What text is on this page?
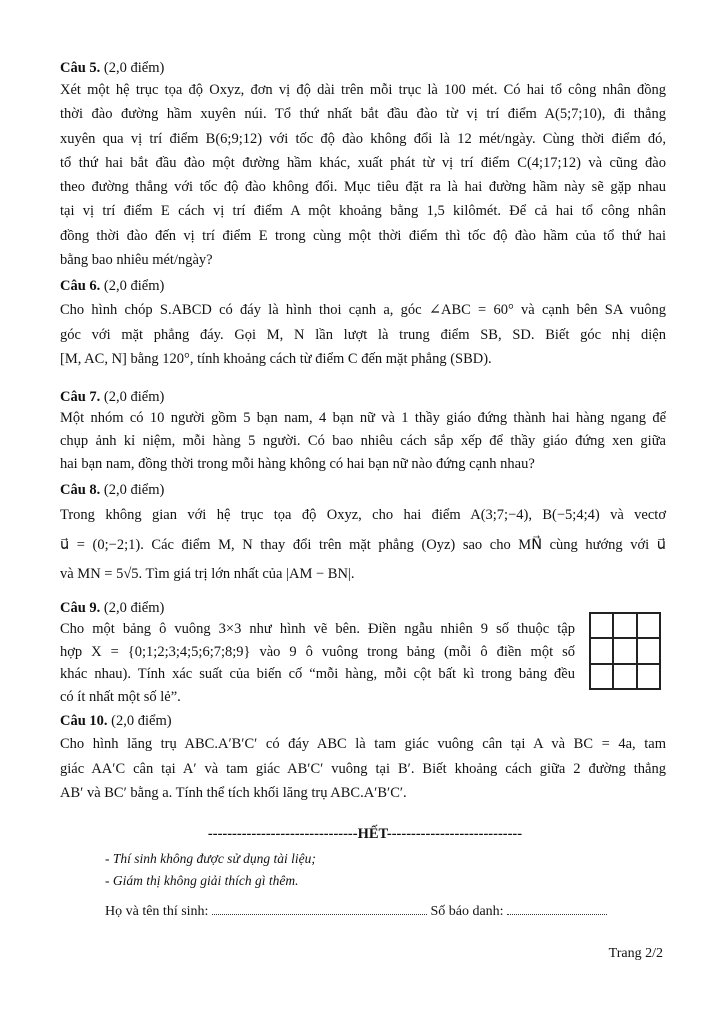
Câu 5. (2,0 điểm)

Xét một hệ trục tọa độ Oxyz, đơn vị độ dài trên mỗi trục là 100 mét. Có hai tổ công nhân đồng
thời đào đường hầm xuyên núi. Tổ thứ nhất bắt đầu đào từ vị trí điểm A(5;7;10), đi thẳng
xuyên qua vị trí điểm B(6;9;12) với tốc độ đào không đổi là 12 mét/ngày. Cùng thời điểm đó,
tổ thứ hai bắt đầu đào một đường hầm khác, xuất phát từ vị trí điểm C(4;17;12) và cũng đào
theo đường thẳng với tốc độ đào không đổi. Mục tiêu đặt ra là hai đường hầm này sẽ gặp nhau
tại vị trí điểm E cách vị trí điểm A một khoảng bằng 1,5 kilômét. Để cả hai tổ công nhân
đồng thời đào đến vị trí điểm E trong cùng một thời điểm thì tốc độ đào hầm của tổ thứ hai
bằng bao nhiêu mét/ngày?

Câu 6. (2,0 điểm)

Cho hình chóp S.ABCD có đáy là hình thoi cạnh a, góc ∠ABC = 60° và cạnh bên SA vuông
góc với mặt phẳng đáy. Gọi M, N lần lượt là trung điểm SB, SD. Biết góc nhị diện
[M, AC, N] bằng 120°, tính khoảng cách từ điểm C đến mặt phẳng (SBD).

Câu 7. (2,0 điểm)

Một nhóm có 10 người gồm 5 bạn nam, 4 bạn nữ và 1 thầy giáo đứng thành hai hàng ngang để
chụp ảnh kỉ niệm, mỗi hàng 5 người. Có bao nhiêu cách sắp xếp để thầy giáo đứng xen giữa
hai bạn nam, đồng thời trong mỗi hàng không có hai bạn nữ nào đứng cạnh nhau?

Câu 8. (2,0 điểm)

Trong không gian với hệ trục tọa độ Oxyz, cho hai điểm A(3;7;−4), B(−5;4;4) và vectơ
u⃗ = (0;−2;1). Các điểm M, N thay đổi trên mặt phẳng (Oyz) sao cho MN⃗ cùng hướng với u⃗
và MN = 5√5. Tìm giá trị lớn nhất của |AM − BN|.

Câu 9. (2,0 điểm)

Cho một bảng ô vuông 3×3 như hình vẽ bên. Điền ngẫu nhiên 9 số thuộc tập
hợp X = {0;1;2;3;4;5;6;7;8;9} vào 9 ô vuông trong bảng (mỗi ô điền một số
khác nhau). Tính xác suất của biến cố “mỗi hàng, mỗi cột bất kì trong bảng đều
có ít nhất một số lẻ”.

Câu 10. (2,0 điểm)

Cho hình lăng trụ ABC.A′B′C′ có đáy ABC là tam giác vuông cân tại A và BC = 4a, tam
giác AA′C cân tại A′ và tam giác AB′C′ vuông tại B′. Biết khoảng cách giữa 2 đường thẳng
AB′ và BC′ bằng a. Tính thể tích khối lăng trụ ABC.A′B′C′.
-------------------------------HẾT----------------------------
- Thí sinh không được sử dụng tài liệu;
- Giám thị không giải thích gì thêm.
Họ và tên thí sinh:	Số báo danh:
Trang 2/2
